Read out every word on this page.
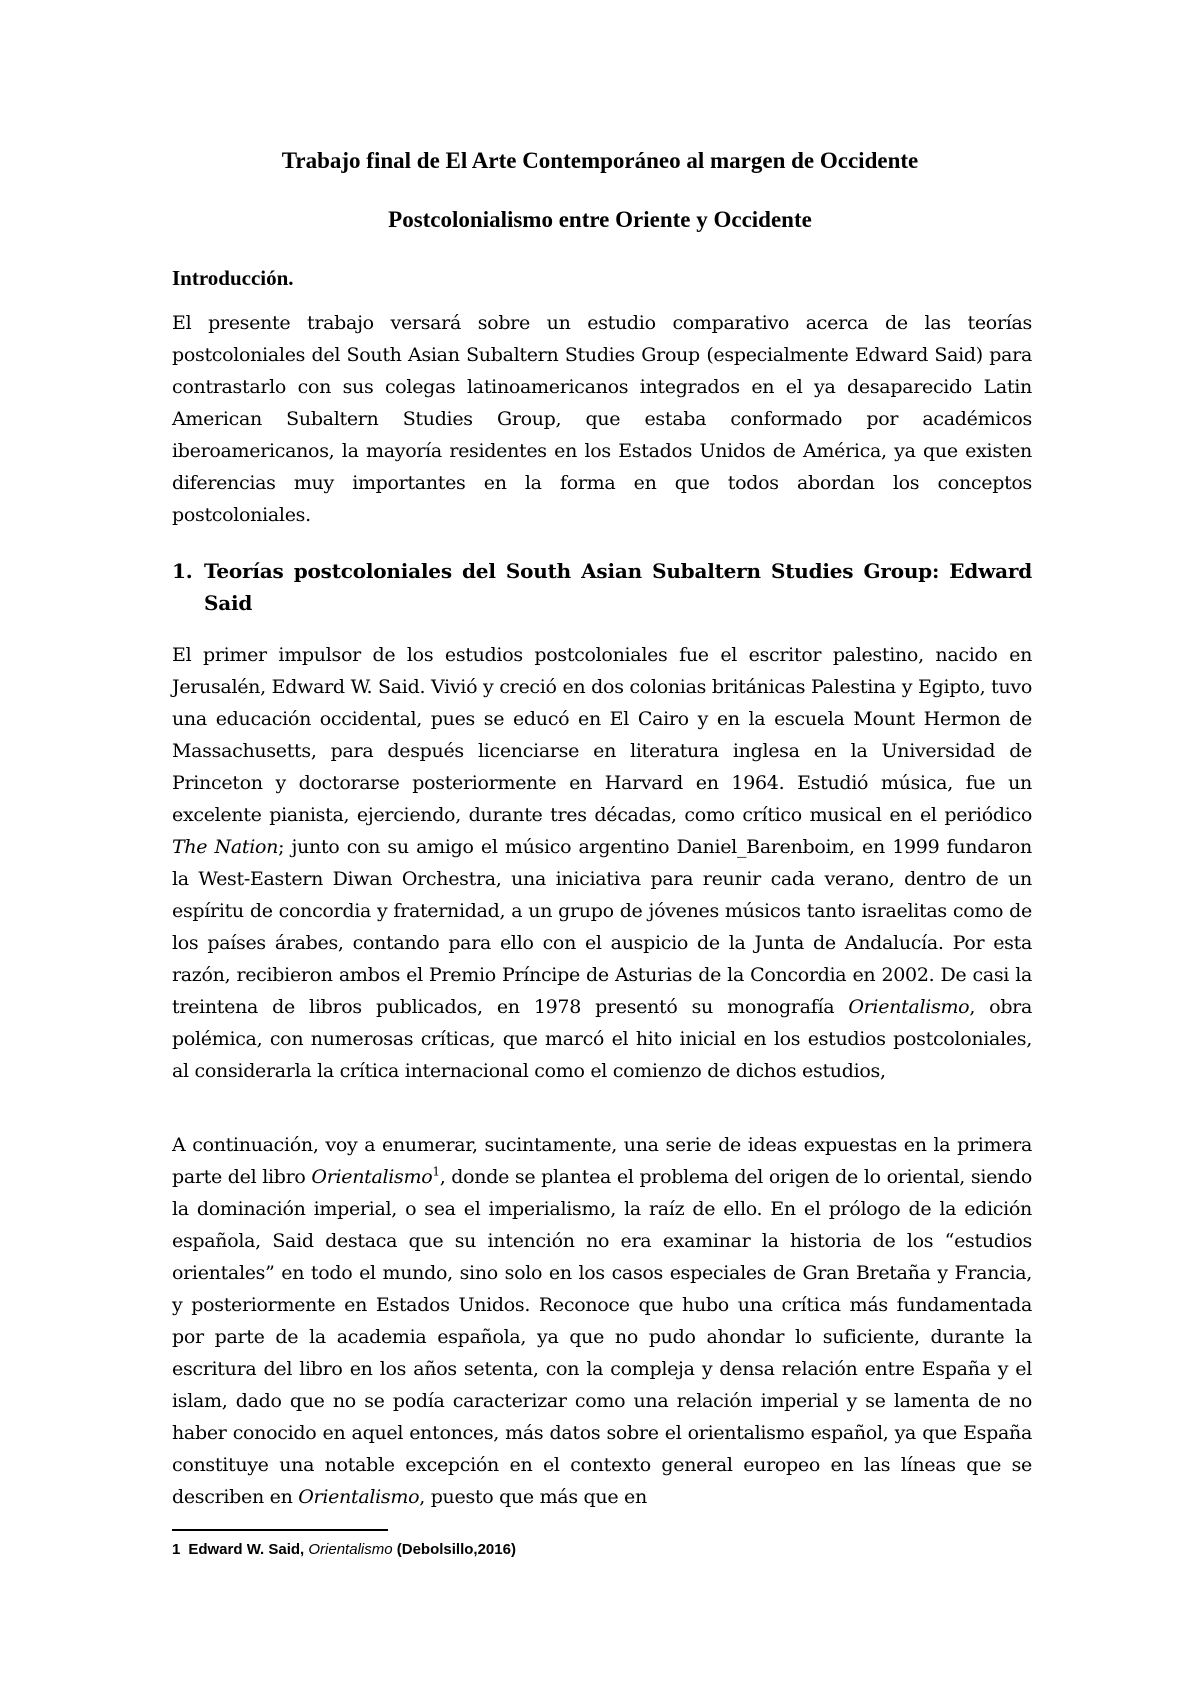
Trabajo final de El Arte Contemporáneo al margen de Occidente
Postcolonialismo entre Oriente y Occidente
Introducción.

El presente trabajo versará sobre un estudio comparativo acerca de las teorías postcoloniales del South Asian Subaltern Studies Group (especialmente Edward Said) para contrastarlo con sus colegas latinoamericanos integrados en el ya desaparecido Latin American Subaltern Studies Group, que estaba conformado por académicos iberoamericanos, la mayoría residentes en los Estados Unidos de América, ya que existen diferencias muy importantes en la forma en que todos abordan los conceptos postcoloniales.

1. Teorías postcoloniales del South Asian Subaltern Studies Group: Edward Said

El primer impulsor de los estudios postcoloniales fue el escritor palestino, nacido en Jerusalén, Edward W. Said. Vivió y creció en dos colonias británicas Palestina y Egipto, tuvo una educación occidental, pues se educó en El Cairo y en la escuela Mount Hermon de Massachusetts, para después licenciarse en literatura inglesa en la Universidad de Princeton y doctorarse posteriormente en Harvard en 1964. Estudió música, fue un excelente pianista, ejerciendo, durante tres décadas, como crítico musical en el periódico The Nation; junto con su amigo el músico argentino Daniel_Barenboim, en 1999 fundaron la West-Eastern Diwan Orchestra, una iniciativa para reunir cada verano, dentro de un espíritu de concordia y fraternidad, a un grupo de jóvenes músicos tanto israelitas como de los países árabes, contando para ello con el auspicio de la Junta de Andalucía. Por esta razón, recibieron ambos el Premio Príncipe de Asturias de la Concordia en 2002. De casi la treintena de libros publicados, en 1978 presentó su monografía Orientalismo, obra polémica, con numerosas críticas, que marcó el hito inicial en los estudios postcoloniales, al considerarla la crítica internacional como el comienzo de dichos estudios,

A continuación, voy a enumerar, sucintamente, una serie de ideas expuestas en la primera parte del libro Orientalismo$^1$, donde se plantea el problema del origen de lo oriental, siendo la dominación imperial, o sea el imperialismo, la raíz de ello. En el prólogo de la edición española, Said destaca que su intención no era examinar la historia de los “estudios orientales” en todo el mundo, sino solo en los casos especiales de Gran Bretaña y Francia, y posteriormente en Estados Unidos. Reconoce que hubo una crítica más fundamentada por parte de la academia española, ya que no pudo ahondar lo suficiente, durante la escritura del libro en los años setenta, con la compleja y densa relación entre España y el islam, dado que no se podía caracterizar como una relación imperial y se lamenta de no haber conocido en aquel entonces, más datos sobre el orientalismo español, ya que España constituye una notable excepción en el contexto general europeo en las líneas que se describen en Orientalismo, puesto que más que en

1 Edward W. Said, Orientalismo (Debolsillo,2016)
